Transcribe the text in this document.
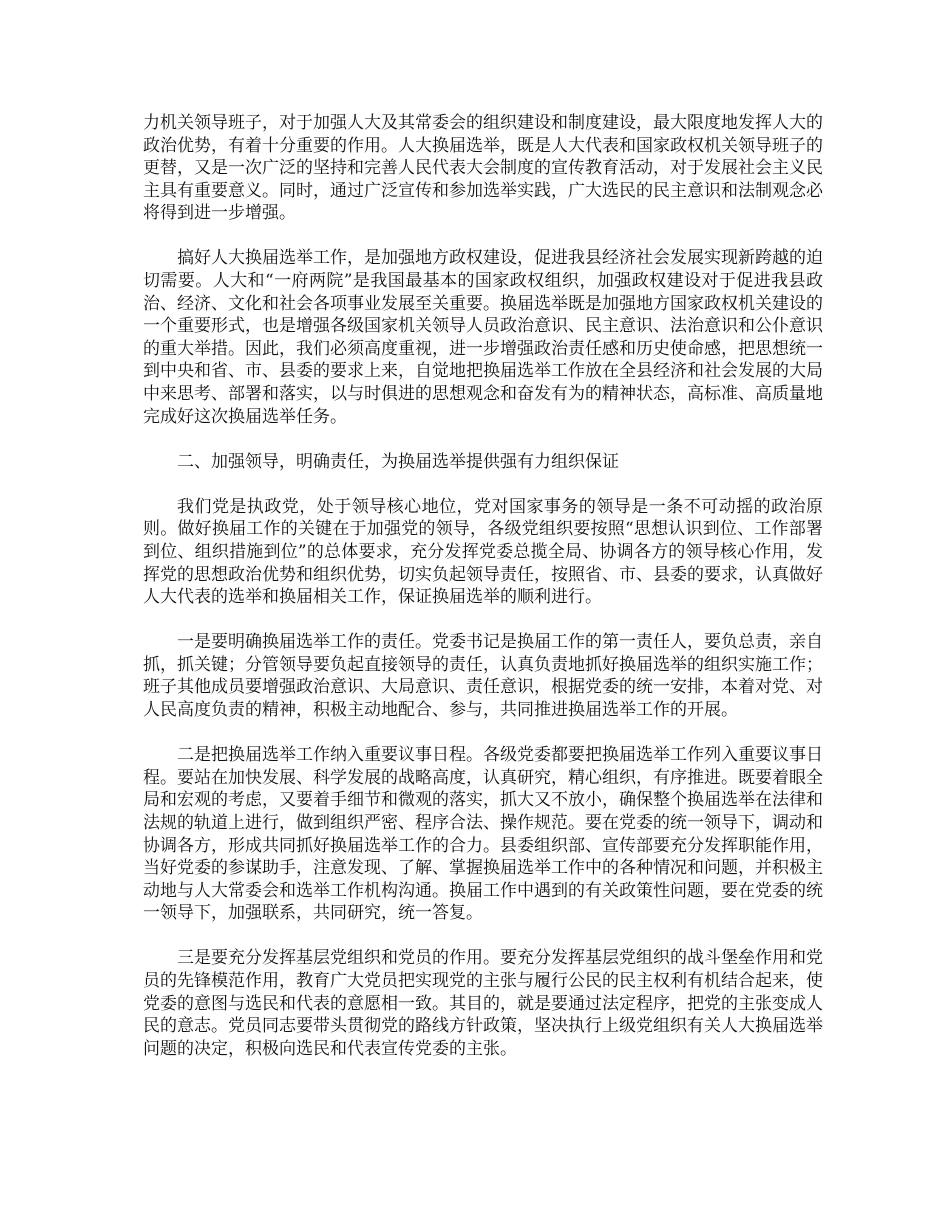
力机关领导班子，对于加强人大及其常委会的组织建设和制度建设，最大限度地发挥人大的政治优势，有着十分重要的作用。人大换届选举，既是人大代表和国家政权机关领导班子的更替，又是一次广泛的坚持和完善人民代表大会制度的宣传教育活动，对于发展社会主义民主具有重要意义。同时，通过广泛宣传和参加选举实践，广大选民的民主意识和法制观念必将得到进一步增强。

搞好人大换届选举工作，是加强地方政权建设，促进我县经济社会发展实现新跨越的迫切需要。人大和“一府两院”是我国最基本的国家政权组织，加强政权建设对于促进我县政治、经济、文化和社会各项事业发展至关重要。换届选举既是加强地方国家政权机关建设的一个重要形式，也是增强各级国家机关领导人员政治意识、民主意识、法治意识和公仆意识的重大举措。因此，我们必须高度重视，进一步增强政治责任感和历史使命感，把思想统一到中央和省、市、县委的要求上来，自觉地把换届选举工作放在全县经济和社会发展的大局中来思考、部署和落实，以与时俱进的思想观念和奋发有为的精神状态，高标准、高质量地完成好这次换届选举任务。

二、加强领导，明确责任，为换届选举提供强有力组织保证

我们党是执政党，处于领导核心地位，党对国家事务的领导是一条不可动摇的政治原则。做好换届工作的关键在于加强党的领导，各级党组织要按照“思想认识到位、工作部署到位、组织措施到位”的总体要求，充分发挥党委总揽全局、协调各方的领导核心作用，发挥党的思想政治优势和组织优势，切实负起领导责任，按照省、市、县委的要求，认真做好人大代表的选举和换届相关工作，保证换届选举的顺利进行。

一是要明确换届选举工作的责任。党委书记是换届工作的第一责任人，要负总责，亲自抓，抓关键；分管领导要负起直接领导的责任，认真负责地抓好换届选举的组织实施工作；班子其他成员要增强政治意识、大局意识、责任意识，根据党委的统一安排，本着对党、对人民高度负责的精神，积极主动地配合、参与，共同推进换届选举工作的开展。

二是把换届选举工作纳入重要议事日程。各级党委都要把换届选举工作列入重要议事日程。要站在加快发展、科学发展的战略高度，认真研究，精心组织，有序推进。既要着眼全局和宏观的考虑，又要着手细节和微观的落实，抓大又不放小，确保整个换届选举在法律和法规的轨道上进行，做到组织严密、程序合法、操作规范。要在党委的统一领导下，调动和协调各方，形成共同抓好换届选举工作的合力。县委组织部、宣传部要充分发挥职能作用，当好党委的参谋助手，注意发现、了解、掌握换届选举工作中的各种情况和问题，并积极主动地与人大常委会和选举工作机构沟通。换届工作中遇到的有关政策性问题，要在党委的统一领导下，加强联系，共同研究，统一答复。

三是要充分发挥基层党组织和党员的作用。要充分发挥基层党组织的战斗堡垒作用和党员的先锋模范作用，教育广大党员把实现党的主张与履行公民的民主权利有机结合起来，使党委的意图与选民和代表的意愿相一致。其目的，就是要通过法定程序，把党的主张变成人民的意志。党员同志要带头贯彻党的路线方针政策，坚决执行上级党组织有关人大换届选举问题的决定，积极向选民和代表宣传党委的主张。
